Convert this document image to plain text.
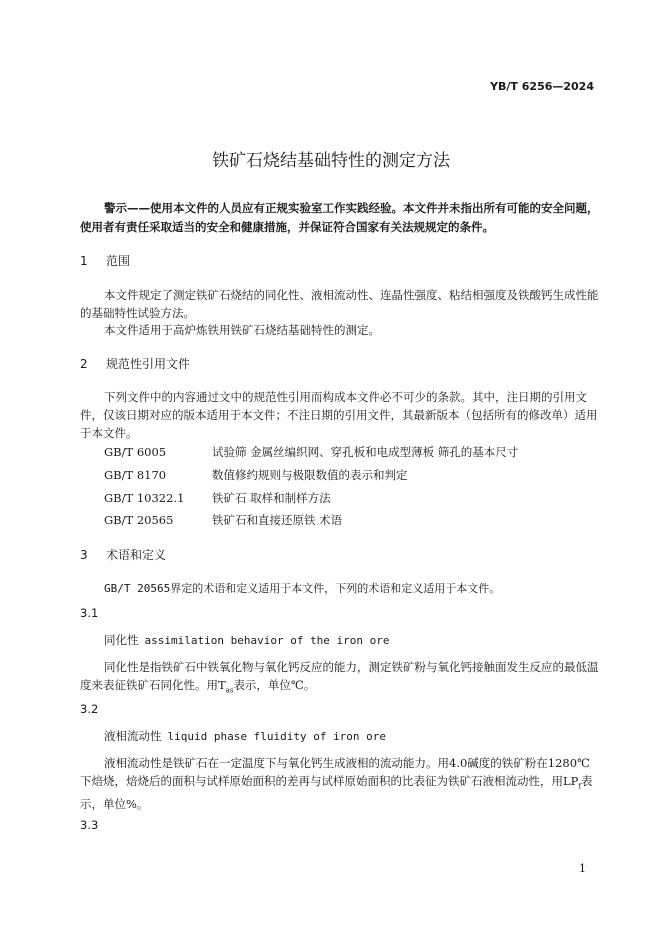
YB/T 6256—2024
铁矿石烧结基础特性的测定方法
警示——使用本文件的人员应有正规实验室工作实践经验。本文件并未指出所有可能的安全问题，使用者有责任采取适当的安全和健康措施，并保证符合国家有关法规规定的条件。
1 范围
本文件规定了测定铁矿石烧结的同化性、液相流动性、连晶性强度、粘结相强度及铁酸钙生成性能的基础特性试验方法。
本文件适用于高炉炼铁用铁矿石烧结基础特性的测定。
2 规范性引用文件
下列文件中的内容通过文中的规范性引用而构成本文件必不可少的条款。其中，注日期的引用文件，仅该日期对应的版本适用于本文件；不注日期的引用文件，其最新版本（包括所有的修改单）适用于本文件。
GB/T 6005	试验筛 金属丝编织网、穿孔板和电成型薄板 筛孔的基本尺寸
GB/T 8170	数值修约规则与极限数值的表示和判定
GB/T 10322.1 铁矿石 取样和制样方法
GB/T 20565	铁矿石和直接还原铁 术语
3 术语和定义
GB/T 20565界定的术语和定义适用于本文件，下列的术语和定义适用于本文件。
3.1
同化性 assimilation behavior of the iron ore
同化性是指铁矿石中铁氧化物与氧化钙反应的能力，测定铁矿粉与氧化钙接触面发生反应的最低温度来表征铁矿石同化性。用$T_{as}$表示，单位℃。
3.2
液相流动性 liquid phase fluidity of iron ore
液相流动性是铁矿石在一定温度下与氧化钙生成液相的流动能力。用4.0碱度的铁矿粉在1280℃下焙烧，焙烧后的面积与试样原始面积的差再与试样原始面积的比表征为铁矿石液相流动性，用$LP_f$表示，单位%。
3.3
1
